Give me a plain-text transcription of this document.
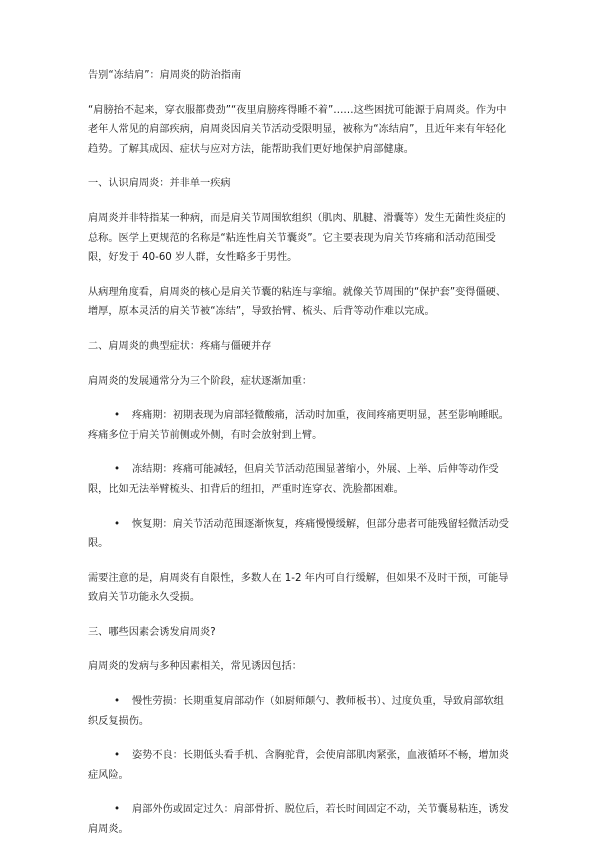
告别“冻结肩”：肩周炎的防治指南

“肩膀抬不起来，穿衣服都费劲”“夜里肩膀疼得睡不着”……这些困扰可能源于肩周炎。作为中老年人常见的肩部疾病，肩周炎因肩关节活动受限明显，被称为“冻结肩”，且近年来有年轻化趋势。了解其成因、症状与应对方法，能帮助我们更好地保护肩部健康。

一、认识肩周炎：并非单一疾病

肩周炎并非特指某一种病，而是肩关节周围软组织（肌肉、肌腱、滑囊等）发生无菌性炎症的总称。医学上更规范的名称是“粘连性肩关节囊炎”。它主要表现为肩关节疼痛和活动范围受限，好发于 40-60 岁人群，女性略多于男性。

从病理角度看，肩周炎的核心是肩关节囊的粘连与挛缩。就像关节周围的“保护套”变得僵硬、增厚，原本灵活的肩关节被“冻结”，导致抬臂、梳头、后背等动作难以完成。

二、肩周炎的典型症状：疼痛与僵硬并存

肩周炎的发展通常分为三个阶段，症状逐渐加重：

•疼痛期：初期表现为肩部轻微酸痛，活动时加重，夜间疼痛更明显，甚至影响睡眠。疼痛多位于肩关节前侧或外侧，有时会放射到上臂。

•冻结期：疼痛可能减轻，但肩关节活动范围显著缩小，外展、上举、后伸等动作受限，比如无法举臂梳头、扣背后的纽扣，严重时连穿衣、洗脸都困难。

•恢复期：肩关节活动范围逐渐恢复，疼痛慢慢缓解，但部分患者可能残留轻微活动受限。

需要注意的是，肩周炎有自限性，多数人在 1-2 年内可自行缓解，但如果不及时干预，可能导致肩关节功能永久受损。

三、哪些因素会诱发肩周炎?

肩周炎的发病与多种因素相关，常见诱因包括：

•慢性劳损：长期重复肩部动作（如厨师颠勺、教师板书）、过度负重，导致肩部软组织反复损伤。

•姿势不良：长期低头看手机、含胸驼背，会使肩部肌肉紧张，血液循环不畅，增加炎症风险。

•肩部外伤或固定过久：肩部骨折、脱位后，若长时间固定不动，关节囊易粘连，诱发肩周炎。
